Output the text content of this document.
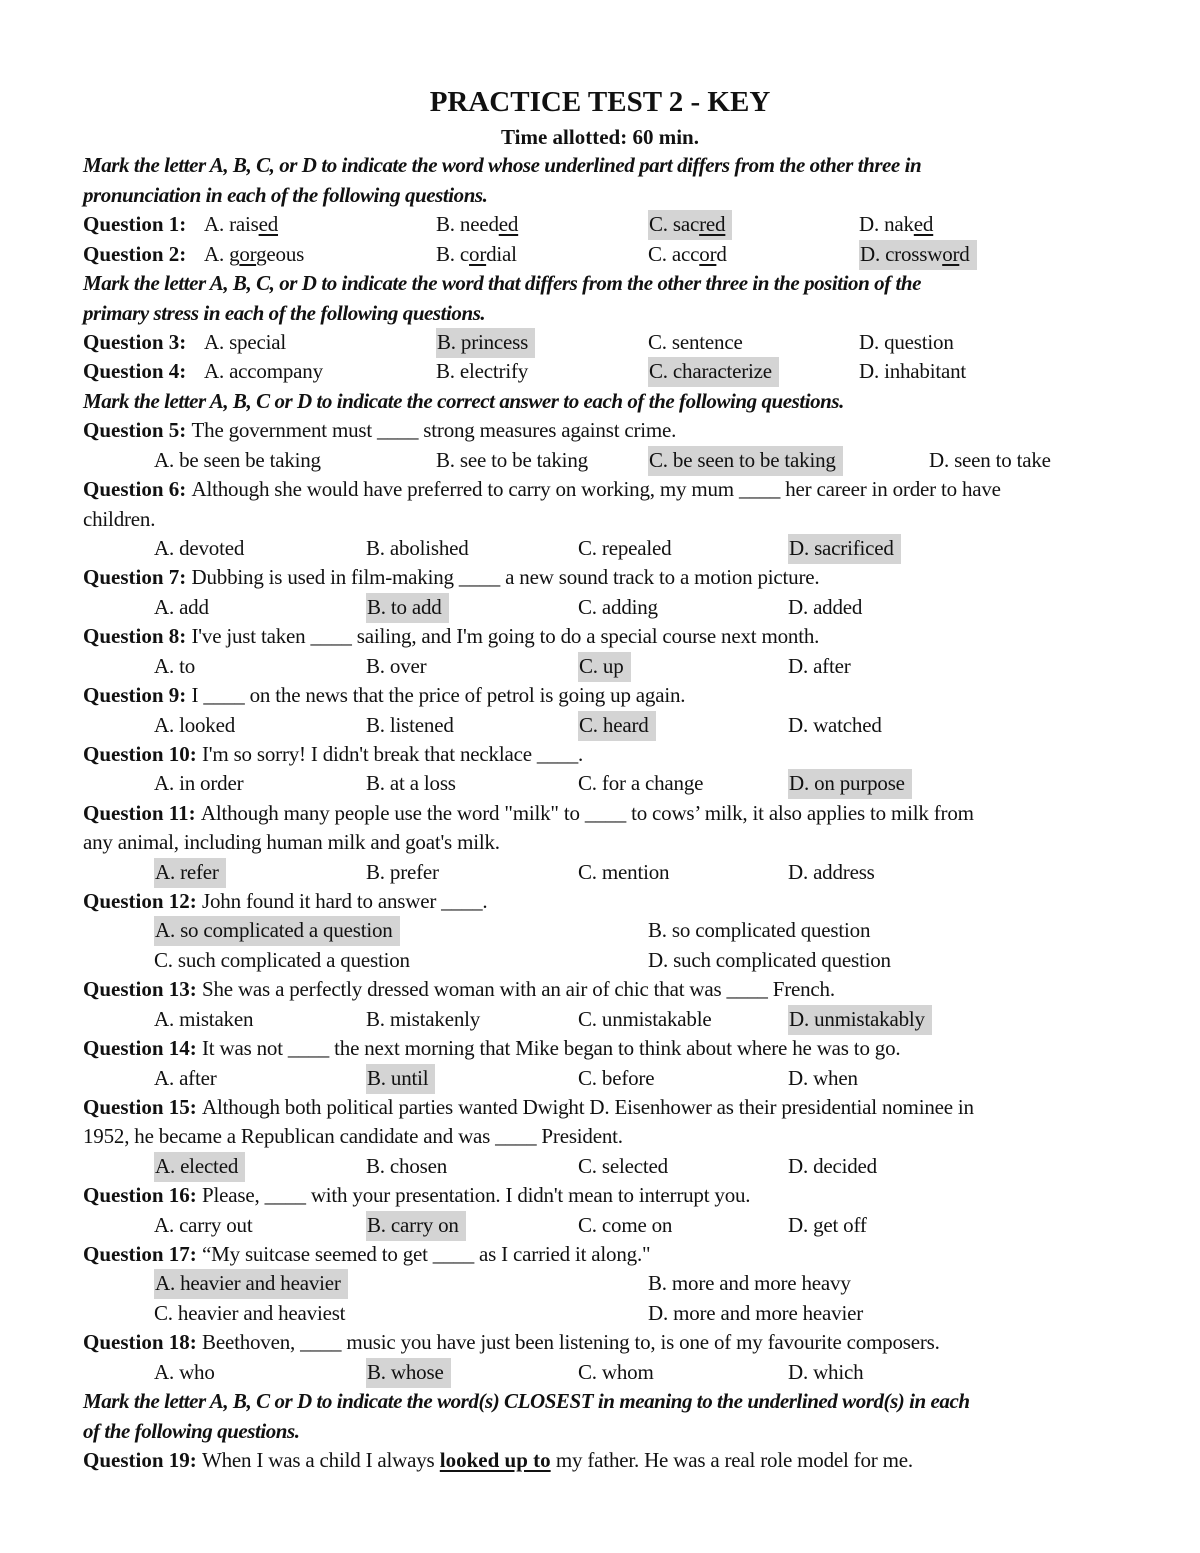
PRACTICE TEST 2 - KEY
Time allotted: 60 min.
Mark the letter A, B, C, or D to indicate the word whose underlined part differs from the other three in
pronunciation in each of the following questions.
Question 1: A. raised	B. needed	C. sacred	D. naked
Question 2: A. gorgeous	B. cordial	C. accord	D. crossword
Mark the letter A, B, C, or D to indicate the word that differs from the other three in the position of the
primary stress in each of the following questions.
Question 3: A. special	B. princess	C. sentence	D. question
Question 4: A. accompany	B. electrify	C. characterize	D. inhabitant
Mark the letter A, B, C or D to indicate the correct answer to each of the following questions.
Question 5: The government must ____ strong measures against crime.
A. be seen be taking	B. see to be taking	C. be seen to be taking	D. seen to take
Question 6: Although she would have preferred to carry on working, my mum ____ her career in order to have
children.
A. devoted	B. abolished	C. repealed	D. sacrificed
Question 7: Dubbing is used in film-making ____ a new sound track to a motion picture.
A. add	B. to add	C. adding	D. added
Question 8: I've just taken ____ sailing, and I'm going to do a special course next month.
A. to	B. over	C. up	D. after
Question 9: I ____ on the news that the price of petrol is going up again.
A. looked	B. listened	C. heard	D. watched
Question 10: I'm so sorry! I didn't break that necklace ____.
A. in order	B. at a loss	C. for a change	D. on purpose
Question 11: Although many people use the word "milk" to ____ to cows’ milk, it also applies to milk from
any animal, including human milk and goat's milk.
A. refer	B. prefer	C. mention	D. address
Question 12: John found it hard to answer ____.
A. so complicated a question	B. so complicated question
C. such complicated a question	D. such complicated question
Question 13: She was a perfectly dressed woman with an air of chic that was ____ French.
A. mistaken	B. mistakenly	C. unmistakable	D. unmistakably
Question 14: It was not ____ the next morning that Mike began to think about where he was to go.
A. after	B. until	C. before	D. when
Question 15: Although both political parties wanted Dwight D. Eisenhower as their presidential nominee in
1952, he became a Republican candidate and was ____ President.
A. elected	B. chosen	C. selected	D. decided
Question 16: Please, ____ with your presentation. I didn't mean to interrupt you.
A. carry out	B. carry on	C. come on	D. get off
Question 17: “My suitcase seemed to get ____ as I carried it along."
A. heavier and heavier	B. more and more heavy
C. heavier and heaviest	D. more and more heavier
Question 18: Beethoven, ____ music you have just been listening to, is one of my favourite composers.
A. who	B. whose	C. whom	D. which
Mark the letter A, B, C or D to indicate the word(s) CLOSEST in meaning to the underlined word(s) in each
of the following questions.
Question 19: When I was a child I always looked up to my father. He was a real role model for me.
